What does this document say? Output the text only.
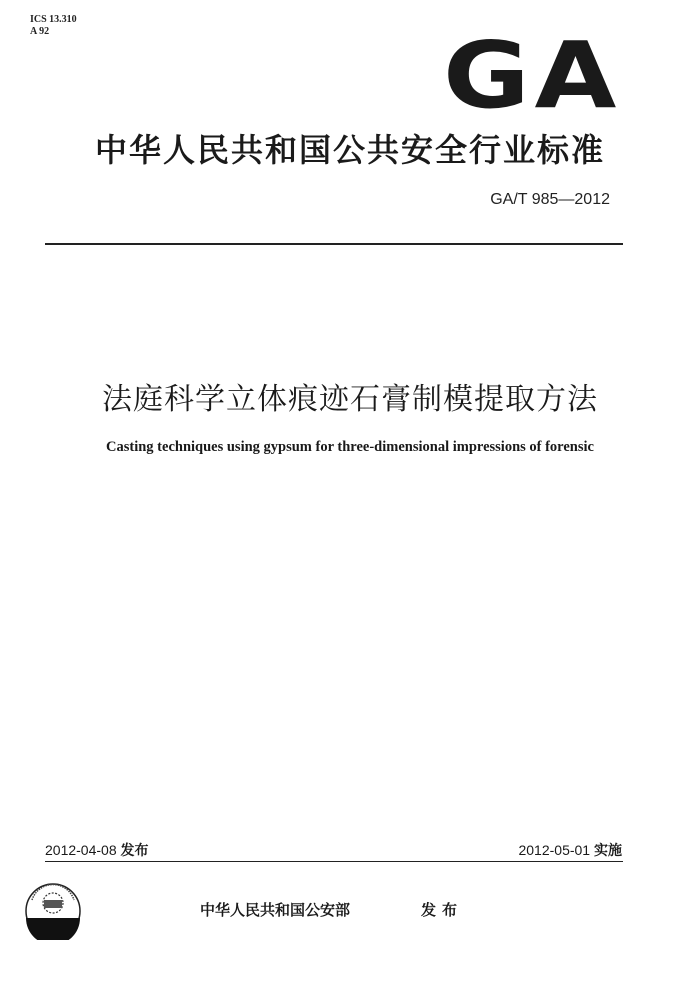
ICS 13.310
A 92	GA
中华人民共和国公共安全行业标准
GA/T 985—2012
法庭科学立体痕迹石膏制模提取方法
Casting techniques using gypsum for three-dimensional impressions of forensic
2012-04-08 发布	2012-05-01 实施
中华人民共和国公安部	发布
